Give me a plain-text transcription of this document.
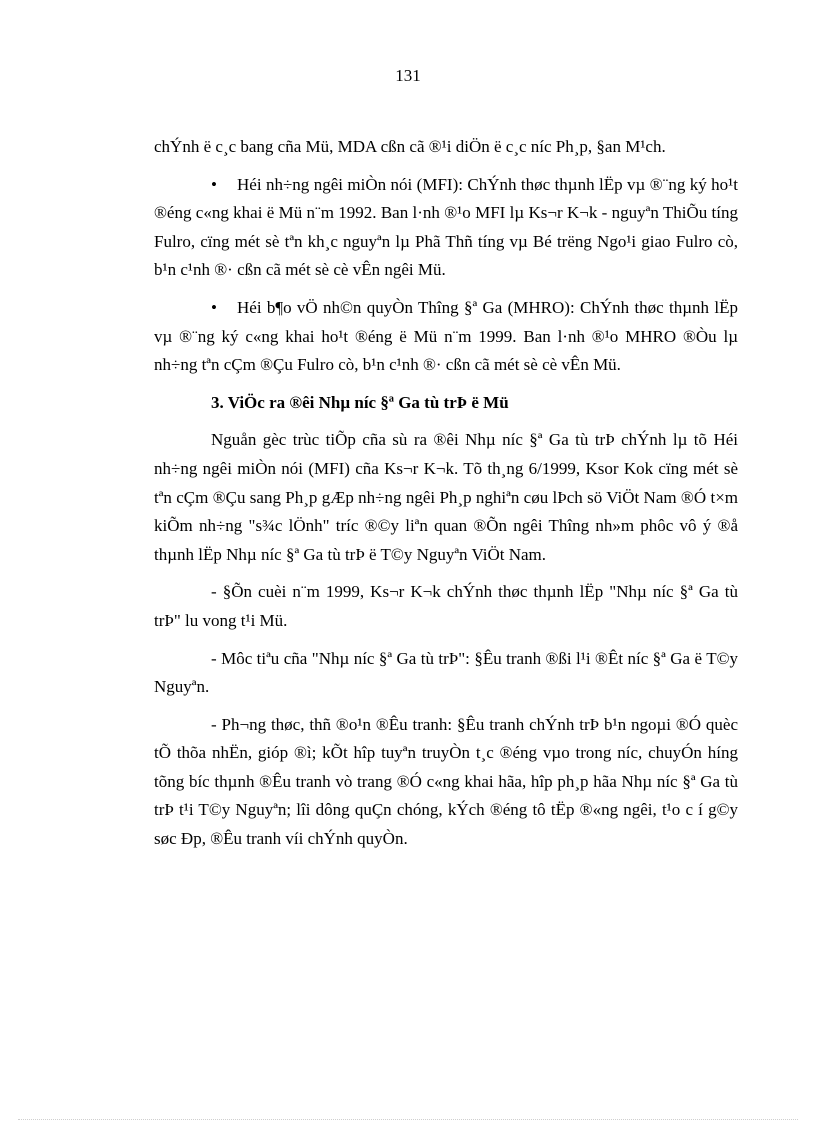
131

chÝnh ë c¸c bang cña Mü, MDA cßn cã ®¹i diÖn ë c¸c níc Ph¸p, §an M¹ch.

• Héi nh÷ng ngêi miÒn nói (MFI): ChÝnh thøc thµnh lËp vµ ®¨ng ký ho¹t ®éng c«ng khai ë Mü n¨m 1992. Ban l·nh ®¹o MFI lµ Ks¬r K¬k - nguyªn ThiÕu tíng Fulro, cïng mét sè tªn kh¸c nguyªn lµ Phã Thñ tíng vµ Bé trëng Ngo¹i giao Fulro cò, b¹n c¹nh ®· cßn cã mét sè cè vÊn ngêi Mü.

• Héi b¶o vÖ nh©n quyÒn Thîng §ª Ga (MHRO): ChÝnh thøc thµnh lËp vµ ®¨ng ký c«ng khai ho¹t ®éng ë Mü n¨m 1999. Ban l·nh ®¹o MHRO ®Òu lµ nh÷ng tªn cÇm ®Çu Fulro cò, b¹n c¹nh ®· cßn cã mét sè cè vÊn Mü.

3. ViÖc ra ®êi Nhµ níc §ª Ga tù trÞ ë Mü

Nguån gèc trùc tiÕp cña sù ra ®êi Nhµ níc §ª Ga tù trÞ chÝnh lµ tõ Héi nh÷ng ngêi miÒn nói (MFI) cña Ks¬r K¬k. Tõ th¸ng 6/1999, Ksor Kok cïng mét sè tªn cÇm ®Çu sang Ph¸p gÆp nh÷ng ngêi Ph¸p nghiªn cøu lÞch sö ViÖt Nam ®Ó t×m kiÕm nh÷ng "s¾c lÖnh" tríc ®©y liªn quan ®Õn ngêi Thîng nh»m phôc vô ý ®å thµnh lËp Nhµ níc §ª Ga tù trÞ ë T©y Nguyªn ViÖt Nam.

- §Õn cuèi n¨m 1999, Ks¬r K¬k chÝnh thøc thµnh lËp "Nhµ níc §ª Ga tù trÞ" lu vong t¹i Mü.

- Môc tiªu cña "Nhµ níc §ª Ga tù trÞ": §Êu tranh ®ßi l¹i ®Êt níc §ª Ga ë T©y Nguyªn.

- Ph¬ng thøc, thñ ®o¹n ®Êu tranh: §Êu tranh chÝnh trÞ b¹n ngoµi ®Ó quèc tÕ thõa nhËn, gióp ®ì; kÕt hîp tuyªn truyÒn t¸c ®éng vµo trong níc, chuyÓn híng tõng bíc thµnh ®Êu tranh vò trang ®Ó c«ng khai hãa, hîp ph¸p hãa Nhµ níc §ª Ga tù trÞ t¹i T©y Nguyªn; lîi dông quÇn chóng, kÝch ®éng tô tËp ®«ng ngêi, t¹o c í g©y søc Ðp, ®Êu tranh víi chÝnh quyÒn.
